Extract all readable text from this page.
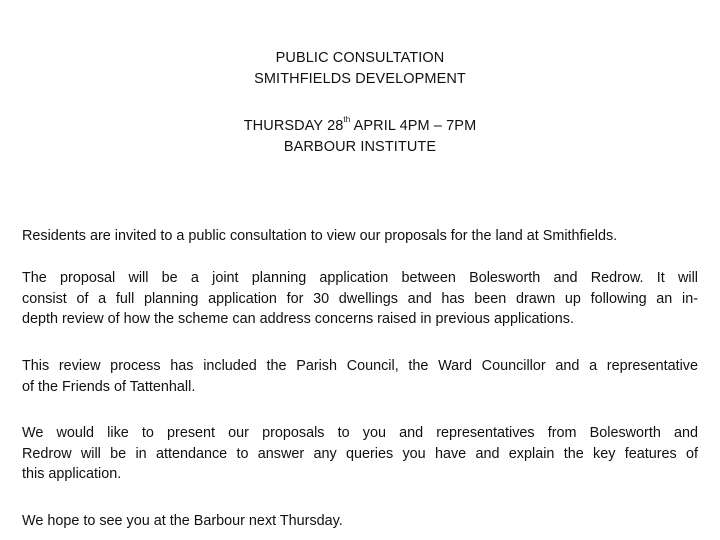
PUBLIC CONSULTATION
SMITHFIELDS DEVELOPMENT
THURSDAY 28th APRIL 4PM – 7PM
BARBOUR INSTITUTE
Residents are invited to a public consultation to view our proposals for the land at Smithfields.
The proposal will be a joint planning application between Bolesworth and Redrow. It will
consist of a full planning application for 30 dwellings and has been drawn up following an in-
depth review of how the scheme can address concerns raised in previous applications.
This review process has included the Parish Council, the Ward Councillor and a representative
of the Friends of Tattenhall.
We would like to present our proposals to you and representatives from Bolesworth and
Redrow will be in attendance to answer any queries you have and explain the key features of
this application.
We hope to see you at the Barbour next Thursday.
